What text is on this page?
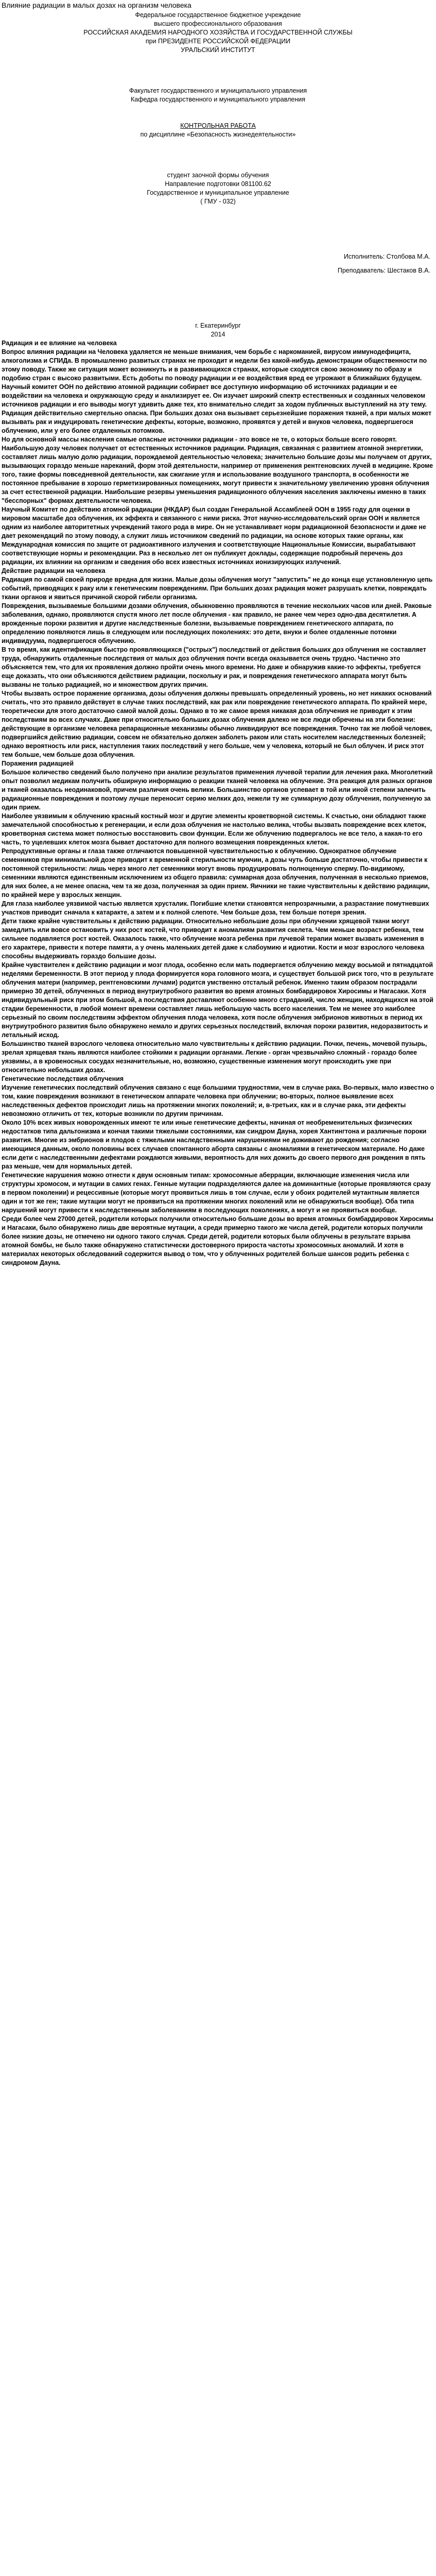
Влияние радиации в малых дозах на организм человека

Федеральное государственное бюджетное учреждение

высшего профессионального образования

РОССИЙСКАЯ АКАДЕМИЯ НАРОДНОГО ХОЗЯЙСТВА И ГОСУДАРСТВЕННОЙ СЛУЖБЫ

при ПРЕЗИДЕНТЕ РОССИЙСКОЙ ФЕДЕРАЦИИ

УРАЛЬСКИЙ ИНСТИТУТ

Факультет государственного и муниципального управления

Кафедра государственного и муниципального управления

КОНТРОЛЬНАЯ РАБОТА

по дисциплине «Безопасность жизнедеятельности»

студент заочной формы обучения

Направление подготовки 081100.62

Государственное и муниципальное управление

( ГМУ - 032)

Исполнитель: Столбова М.А.

Преподаватель: Шестаков В.А.

г. Екатеринбург

2014

Радиация и ее влияние на человека

Вопрос влияния радиации на Человека удаляется не меньше внимания, чем борьбе с наркоманией, вирусом иммунодефицита, алкоголизма и СПИДа. В промышленно развитых странах не проходит и недели без какой-нибудь демонстрации общественности по этому поводу. Также же ситуация может возникнуть и в развивающихся странах, которые сходятся свою экономику по образу и подобию стран с высоко развитыми. Есть доботы по поводу радиации и ее воздействия вред ее угрожают в ближайших будущем.

Научный комитет ООН по действию атомной радиации собирает все доступную информацию об источниках радиации и ее воздействии на человека и окружающую среду и анализирует ее. Он изучает широкий спектр естественных и созданных человеком источников радиации и его выводы могут удивить даже тех, кто внимательно следит за ходом публичных выступлений на эту тему.

Радиация действительно смертельно опасна. При больших дозах она вызывает серьезнейшие поражения тканей, а при малых может вызывать рак и индуцировать генетические дефекты, которые, возможно, проявятся у детей и внуков человека, подвергшегося облучению, или у его более отдаленных потомков.

Но для основной массы населения самые опасные источники радиации - это вовсе не те, о которых больше всего говорят. Наибольшую дозу человек получает от естественных источников радиации. Радиация, связанная с развитием атомной энергетики, составляет лишь малую долю радиации, порождаемой деятельностью человека; значительно большие дозы мы получаем от других, вызывающих гораздо меньше нареканий, форм этой деятельности, например от применения рентгеновских лучей в медицине. Кроме того, такие формы повседневной деятельности, как сжигание угля и использование воздушного транспорта, в особенности же постоянное пребывание в хорошо герметизированных помещениях, могут привести к значительному увеличению уровня облучения за счет естественной радиации. Наибольшие резервы уменьшения радиационного облучения населения заключены именно в таких "бесспорных" формах деятельности человека.

Научный Комитет по действию атомной радиации (НКДАР) был создан Генеральной Ассамблеей ООН в 1955 году для оценки в мировом масштабе доз облучения, их эффекта и связанного с ними риска. Этот научно-исследовательский орган ООН и является одним из наиболее авторитетных учреждений такого рода в мире. Он не устанавливает норм радиационной безопасности и даже не дает рекомендаций по этому поводу, а служит лишь источником сведений по радиации, на основе которых такие органы, как Международная комиссия по защите от радиоактивного излучения и соответствующие Национальные Комиссии, вырабатывают соответствующие нормы и рекомендации. Раз в несколько лет он публикует доклады, содержащие подробный перечень доз радиации, их влиянии на организм и сведения обо всех известных источниках ионизирующих излучений.

Действие радиации на человека

Радиация по самой своей природе вредна для жизни. Малые дозы облучения могут "запустить" не до конца еще установленную цепь событий, приводящих к раку или к генетическим повреждениям. При больших дозах радиация может разрушать клетки, повреждать ткани органов и явиться причиной скорой гибели организма.

Повреждения, вызываемые большими дозами облучения, обыкновенно проявляются в течение нескольких часов или дней. Раковые заболевания, однако, проявляются спустя много лет после облучения - как правило, не ранее чем через одно-два десятилетия. А врожденные пороки развития и другие наследственные болезни, вызываемые повреждением генетического аппарата, по определению появляются лишь в следующем или последующих поколениях: это дети, внуки и более отдаленные потомки индивидуума, подвергшегося облучению.

В то время, как идентификация быстро проявляющихся ("острых") последствий от действия больших доз облучения не составляет труда, обнаружить отдаленные последствия от малых доз облучения почти всегда оказывается очень трудно. Частично это объясняется тем, что для их проявления должно пройти очень много времени. Но даже и обнаружив какие-то эффекты, требуется еще доказать, что они объясняются действием радиации, поскольку и рак, и повреждения генетического аппарата могут быть вызваны не только радиацией, но и множеством других причин.

Чтобы вызвать острое поражение организма, дозы облучения должны превышать определенный уровень, но нет никаких оснований считать, что это правило действует в случае таких последствий, как рак или повреждение генетического аппарата. По крайней мере, теоретически для этого достаточно самой малой дозы. Однако в то же самое время никакая доза облучения не приводит к этим последствиям во всех случаях. Даже при относительно больших дозах облучения далеко не все люди обречены на эти болезни: действующие в организме человека репарационные механизмы обычно ликвидируют все повреждения. Точно так же любой человек, подвергшийся действию радиации, совсем не обязательно должен заболеть раком или стать носителем наследственных болезней; однако вероятность или риск, наступления таких последствий у него больше, чем у человека, который не был облучен. И риск этот тем больше, чем больше доза облучения.

Поражения радиацией

Большое количество сведений было получено при анализе результатов применения лучевой терапии для лечения рака. Многолетний опыт позволил медикам получить обширную информацию о реакции тканей человека на облучение. Эта реакция для разных органов и тканей оказалась неодинаковой, причем различия очень велики. Большинство органов успевает в той или иной степени залечить радиационные повреждения и поэтому лучше переносит серию мелких доз, нежели ту же суммарную дозу облучения, полученную за один прием.

Наиболее уязвимым к облучению красный костный мозг и другие элементы кроветворной системы. К счастью, они обладают также замечательной способностью к регенерации, и если доза облучения не настолько велика, чтобы вызвать повреждение всех клеток, кроветворная система может полностью восстановить свои функции. Если же облучению подвергалось не все тело, а какая-то его часть, то уцелевших клеток мозга бывает достаточно для полного возмещения поврежденных клеток.

Репродуктивные органы и глаза также отличаются повышенной чувствительностью к облучению. Однократное облучение семенников при минимальной дозе приводит к временной стерильности мужчин, а дозы чуть больше достаточно, чтобы привести к постоянной стерильности: лишь через много лет семенники могут вновь продуцировать полноценную сперму. По-видимому, семенники являются единственным исключением из общего правила: суммарная доза облучения, полученная в несколько приемов, для них более, а не менее опасна, чем та же доза, полученная за один прием. Яичники не такие чувствительны к действию радиации, по крайней мере у взрослых женщин.

Для глаза наиболее уязвимой частью является хрусталик. Погибшие клетки становятся непрозрачными, а разрастание помутневших участков приводит сначала к катаракте, а затем и к полной слепоте. Чем больше доза, тем больше потеря зрения.

Дети также крайне чувствительны к действию радиации. Относительно небольшие дозы при облучении хрящевой ткани могут замедлить или вовсе остановить у них рост костей, что приводит к аномалиям развития скелета. Чем меньше возраст ребенка, тем сильнее подавляется рост костей. Оказалось также, что облучение мозга ребенка при лучевой терапии может вызвать изменения в его характере, привести к потере памяти, а у очень маленьких детей даже к слабоумию и идиотии. Кости и мозг взрослого человека способны выдерживать гораздо большие дозы.

Крайне чувствителен к действию радиации и мозг плода, особенно если мать подвергается облучению между восьмой и пятнадцатой неделями беременности. В этот период у плода формируется кора головного мозга, и существует большой риск того, что в результате облучения матери (например, рентгеновскими лучами) родится умственно отсталый ребенок. Именно таким образом пострадали примерно 30 детей, облученных в период внутриутробного развития во время атомных бомбардировок Хиросимы и Нагасаки. Хотя индивидуальный риск при этом большой, а последствия доставляют особенно много страданий, число женщин, находящихся на этой стадии беременности, в любой момент времени составляет лишь небольшую часть всего населения. Тем не менее это наиболее серьезный по своим последствиям эффектом облучения плода человека, хотя после облучения эмбрионов животных в период их внутриутробного развития было обнаружено немало и других серьезных последствий, включая пороки развития, недоразвитость и летальный исход.

Большинство тканей взрослого человека относительно мало чувствительны к действию радиации. Почки, печень, мочевой пузырь, зрелая хрящевая ткань являются наиболее стойкими к радиации органами. Легкие - орган чрезвычайно сложный - гораздо более уязвимы, а в кровеносных сосудах незначительные, но, возможно, существенные изменения могут происходить уже при относительно небольших дозах.

Генетические последствия облучения

Изучение генетических последствий облучения связано с еще большими трудностями, чем в случае рака. Во-первых, мало известно о том, какие повреждения возникают в генетическом аппарате человека при облучении; во-вторых, полное выявление всех наследственных дефектов происходит лишь на протяжении многих поколений; и, в-третьих, как и в случае рака, эти дефекты невозможно отличить от тех, которые возникли по другим причинам.

Около 10% всех живых новорожденных имеют те или иные генетические дефекты, начиная от необременительных физических недостатков типа дальтонизма и кончая такими тяжелыми состояниями, как синдром Дауна, хорея Хантингтона и различные пороки развития. Многие из эмбрионов и плодов с тяжелыми наследственными нарушениями не доживают до рождения; согласно имеющимся данным, около половины всех случаев спонтанного аборта связаны с аномалиями в генетическом материале. Но даже если дети с наследственными дефектами рождаются живыми, вероятность для них дожить до своего первого дня рождения в пять раз меньше, чем для нормальных детей.

Генетические нарушения можно отнести к двум основным типам: хромосомные аберрации, включающие изменения числа или структуры хромосом, и мутации в самих генах. Генные мутации подразделяются далее на доминантные (которые проявляются сразу в первом поколении) и рецессивные (которые могут проявиться лишь в том случае, если у обоих родителей мутантным является один и тот же ген; такие мутации могут не проявиться на протяжении многих поколений или не обнаружиться вообще). Оба типа нарушений могут привести к наследственным заболеваниям в последующих поколениях, а могут и не проявиться вообще.

Среди более чем 27000 детей, родители которых получили относительно большие дозы во время атомных бомбардировок Хиросимы и Нагасаки, было обнаружено лишь две вероятные мутации, а среди примерно такого же числа детей, родители которых получили более низкие дозы, не отмечено ни одного такого случая. Среди детей, родители которых были облучены в результате взрыва атомной бомбы, не было также обнаружено статистически достоверного прироста частоты хромосомных аномалий. И хотя в материалах некоторых обследований содержится вывод о том, что у облученных родителей больше шансов родить ребенка с синдромом Дауна.
